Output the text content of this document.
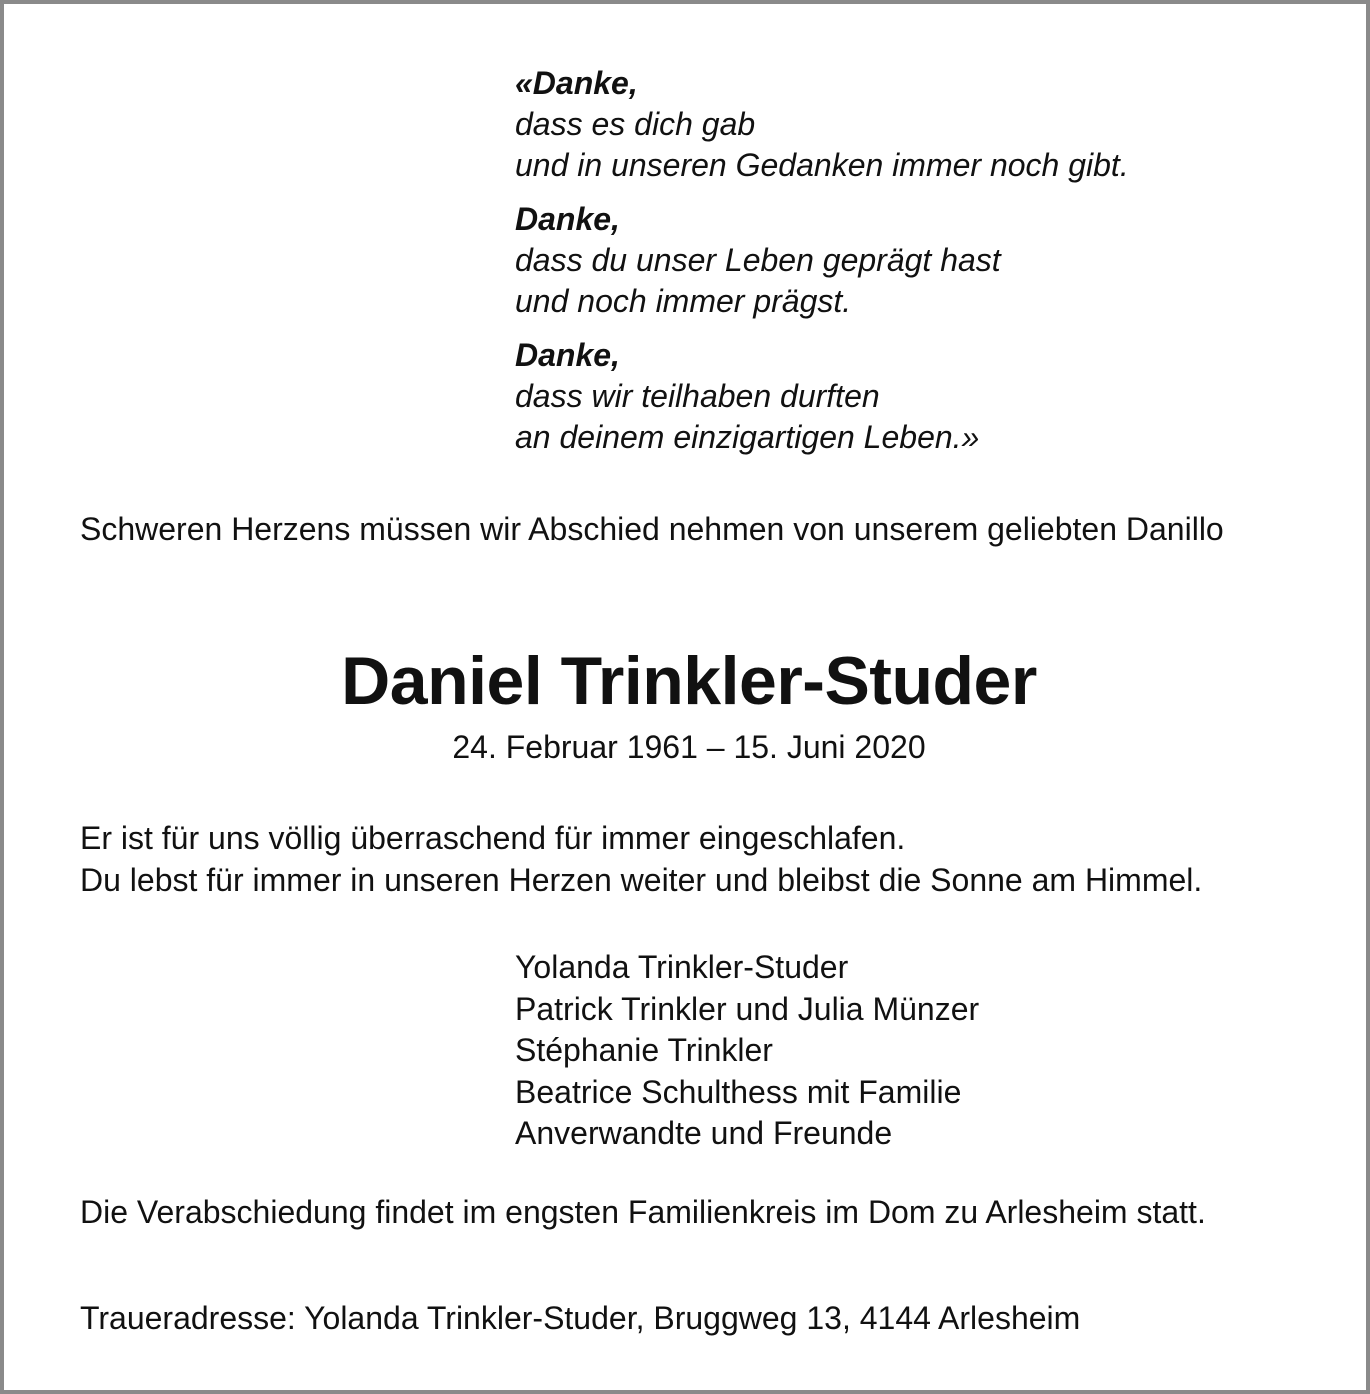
«Danke,
dass es dich gab
und in unseren Gedanken immer noch gibt.
Danke,
dass du unser Leben geprägt hast
und noch immer prägst.
Danke,
dass wir teilhaben durften
an deinem einzigartigen Leben.»
Schweren Herzens müssen wir Abschied nehmen von unserem geliebten Danillo
Daniel Trinkler-Studer
24. Februar 1961 – 15. Juni 2020
Er ist für uns völlig überraschend für immer eingeschlafen.
Du lebst für immer in unseren Herzen weiter und bleibst die Sonne am Himmel.
Yolanda Trinkler-Studer
Patrick Trinkler und Julia Münzer
Stéphanie Trinkler
Beatrice Schulthess mit Familie
Anverwandte und Freunde
Die Verabschiedung findet im engsten Familienkreis im Dom zu Arlesheim statt.
Traueradresse: Yolanda Trinkler-Studer, Bruggweg 13, 4144 Arlesheim
